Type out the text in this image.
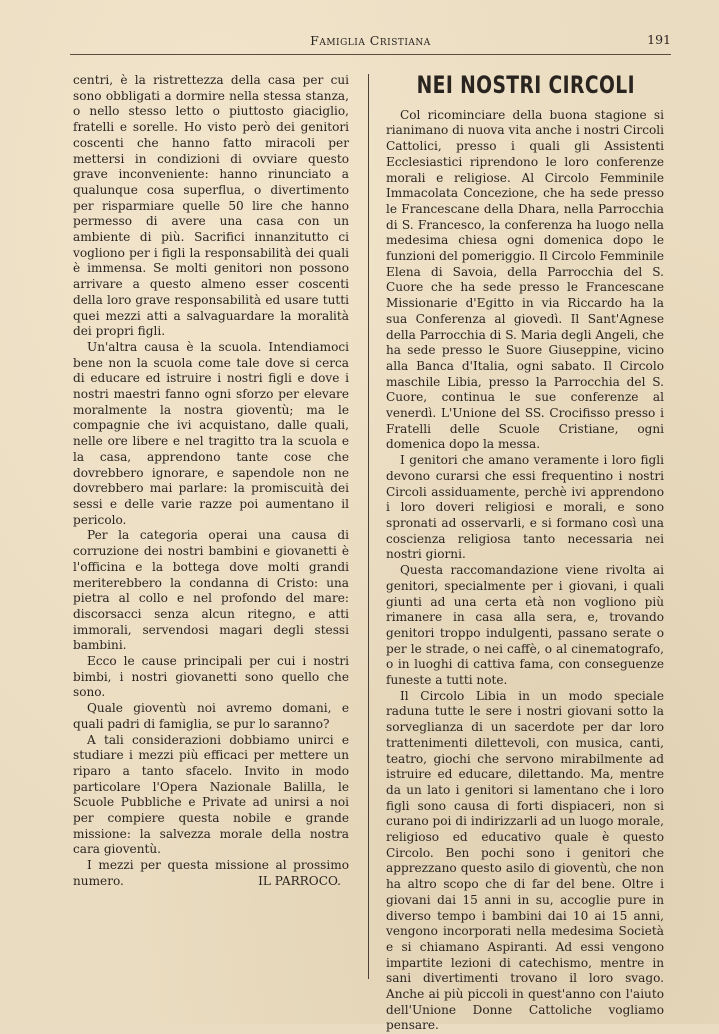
Famiglia Cristiana	191

centri, è la ristrettezza della casa per cui sono obbligati a dormire nella stessa stanza, o nello stesso letto o piuttosto giaciglio, fratelli e sorelle. Ho visto però dei genitori coscenti che hanno fatto miracoli per mettersi in condizioni di ovviare questo grave inconveniente: hanno rinunciato a qualunque cosa superflua, o divertimento per risparmiare quelle 50 lire che hanno permesso di avere una casa con un ambiente di più. Sacrifici innanzitutto ci vogliono per i figli la responsabilità dei quali è immensa. Se molti genitori non possono arrivare a questo almeno esser coscenti della loro grave responsabilità ed usare tutti quei mezzi atti a salvaguardare la moralità dei propri figli.

Un'altra causa è la scuola. Intendiamoci bene non la scuola come tale dove si cerca di educare ed istruire i nostri figli e dove i nostri maestri fanno ogni sforzo per elevare moralmente la nostra gioventù; ma le compagnie che ivi acquistano, dalle quali, nelle ore libere e nel tragitto tra la scuola e la casa, apprendono tante cose che dovrebbero ignorare, e sapendole non ne dovrebbero mai parlare: la promiscuità dei sessi e delle varie razze poi aumentano il pericolo.

Per la categoria operai una causa di corruzione dei nostri bambini e giovanetti è l'officina e la bottega dove molti grandi meriterebbero la condanna di Cristo: una pietra al collo e nel profondo del mare: discorsacci senza alcun ritegno, e atti immorali, servendosi magari degli stessi bambini.

Ecco le cause principali per cui i nostri bimbi, i nostri giovanetti sono quello che sono.

Quale gioventù noi avremo domani, e quali padri di famiglia, se pur lo saranno?

A tali considerazioni dobbiamo unirci e studiare i mezzi più efficaci per mettere un riparo a tanto sfacelo. Invito in modo particolare l'Opera Nazionale Balilla, le Scuole Pubbliche e Private ad unirsi a noi per compiere questa nobile e grande missione: la salvezza morale della nostra cara gioventù.

I mezzi per questa missione al prossimo numero.	IL PARROCO.

NEI NOSTRI CIRCOLI

Col ricominciare della buona stagione si rianimano di nuova vita anche i nostri Circoli Cattolici, presso i quali gli Assistenti Ecclesiastici riprendono le loro conferenze morali e religiose. Al Circolo Femminile Immacolata Concezione, che ha sede presso le Francescane della Dhara, nella Parrocchia di S. Francesco, la conferenza ha luogo nella medesima chiesa ogni domenica dopo le funzioni del pomeriggio. Il Circolo Femminile Elena di Savoia, della Parrocchia del S. Cuore che ha sede presso le Francescane Missionarie d'Egitto in via Riccardo ha la sua Conferenza al giovedì. Il Sant'Agnese della Parrocchia di S. Maria degli Angeli, che ha sede presso le Suore Giuseppine, vicino alla Banca d'Italia, ogni sabato. Il Circolo maschile Libia, presso la Parrocchia del S. Cuore, continua le sue conferenze al venerdì. L'Unione del SS. Crocifisso presso i Fratelli delle Scuole Cristiane, ogni domenica dopo la messa.

I genitori che amano veramente i loro figli devono curarsi che essi frequentino i nostri Circoli assiduamente, perchè ivi apprendono i loro doveri religiosi e morali, e sono spronati ad osservarli, e si formano così una coscienza religiosa tanto necessaria nei nostri giorni.

Questa raccomandazione viene rivolta ai genitori, specialmente per i giovani, i quali giunti ad una certa età non vogliono più rimanere in casa alla sera, e, trovando genitori troppo indulgenti, passano serate o per le strade, o nei caffè, o al cinematografo, o in luoghi di cattiva fama, con conseguenze funeste a tutti note.

Il Circolo Libia in un modo speciale raduna tutte le sere i nostri giovani sotto la sorveglianza di un sacerdote per dar loro trattenimenti dilettevoli, con musica, canti, teatro, giochi che servono mirabilmente ad istruire ed educare, dilettando. Ma, mentre da un lato i genitori si lamentano che i loro figli sono causa di forti dispiaceri, non si curano poi di indirizzarli ad un luogo morale, religioso ed educativo quale è questo Circolo. Ben pochi sono i genitori che apprezzano questo asilo di gioventù, che non ha altro scopo che di far del bene. Oltre i giovani dai 15 anni in su, accoglie pure in diverso tempo i bambini dai 10 ai 15 anni, vengono incorporati nella medesima Società e si chiamano Aspiranti. Ad essi vengono impartite lezioni di catechismo, mentre in sani divertimenti trovano il loro svago. Anche ai più piccoli in quest'anno con l'aiuto dell'Unione Donne Cattoliche vogliamo pensare.
